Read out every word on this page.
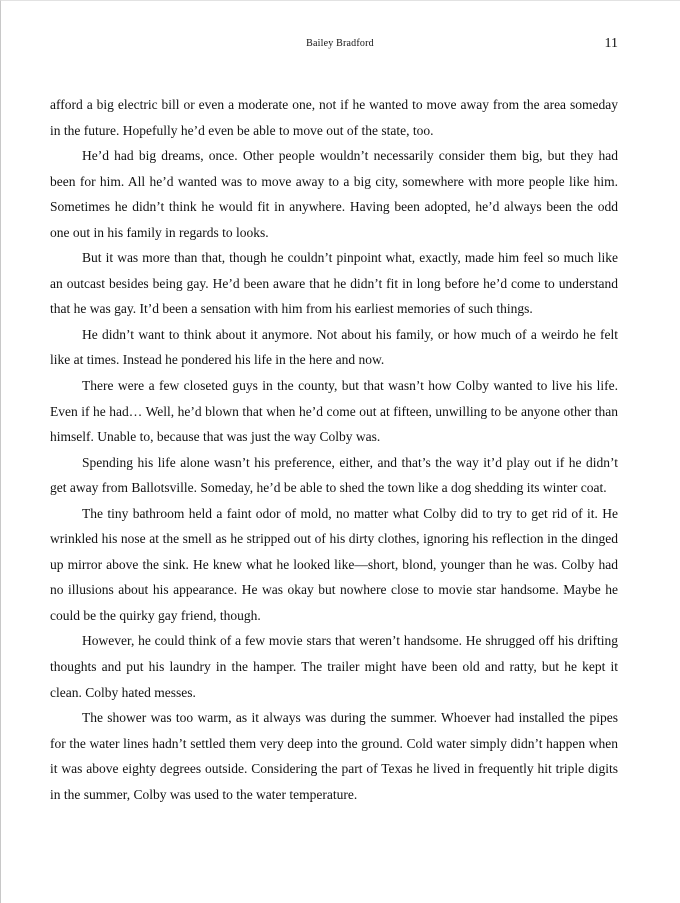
Bailey Bradford	11

afford a big electric bill or even a moderate one, not if he wanted to move away from the area someday in the future. Hopefully he’d even be able to move out of the state, too.

He’d had big dreams, once. Other people wouldn’t necessarily consider them big, but they had been for him. All he’d wanted was to move away to a big city, somewhere with more people like him. Sometimes he didn’t think he would fit in anywhere. Having been adopted, he’d always been the odd one out in his family in regards to looks.

But it was more than that, though he couldn’t pinpoint what, exactly, made him feel so much like an outcast besides being gay. He’d been aware that he didn’t fit in long before he’d come to understand that he was gay. It’d been a sensation with him from his earliest memories of such things.

He didn’t want to think about it anymore. Not about his family, or how much of a weirdo he felt like at times. Instead he pondered his life in the here and now.

There were a few closeted guys in the county, but that wasn’t how Colby wanted to live his life. Even if he had… Well, he’d blown that when he’d come out at fifteen, unwilling to be anyone other than himself. Unable to, because that was just the way Colby was.

Spending his life alone wasn’t his preference, either, and that’s the way it’d play out if he didn’t get away from Ballotsville. Someday, he’d be able to shed the town like a dog shedding its winter coat.

The tiny bathroom held a faint odor of mold, no matter what Colby did to try to get rid of it. He wrinkled his nose at the smell as he stripped out of his dirty clothes, ignoring his reflection in the dinged up mirror above the sink. He knew what he looked like—short, blond, younger than he was. Colby had no illusions about his appearance. He was okay but nowhere close to movie star handsome. Maybe he could be the quirky gay friend, though.

However, he could think of a few movie stars that weren’t handsome. He shrugged off his drifting thoughts and put his laundry in the hamper. The trailer might have been old and ratty, but he kept it clean. Colby hated messes.

The shower was too warm, as it always was during the summer. Whoever had installed the pipes for the water lines hadn’t settled them very deep into the ground. Cold water simply didn’t happen when it was above eighty degrees outside. Considering the part of Texas he lived in frequently hit triple digits in the summer, Colby was used to the water temperature.
